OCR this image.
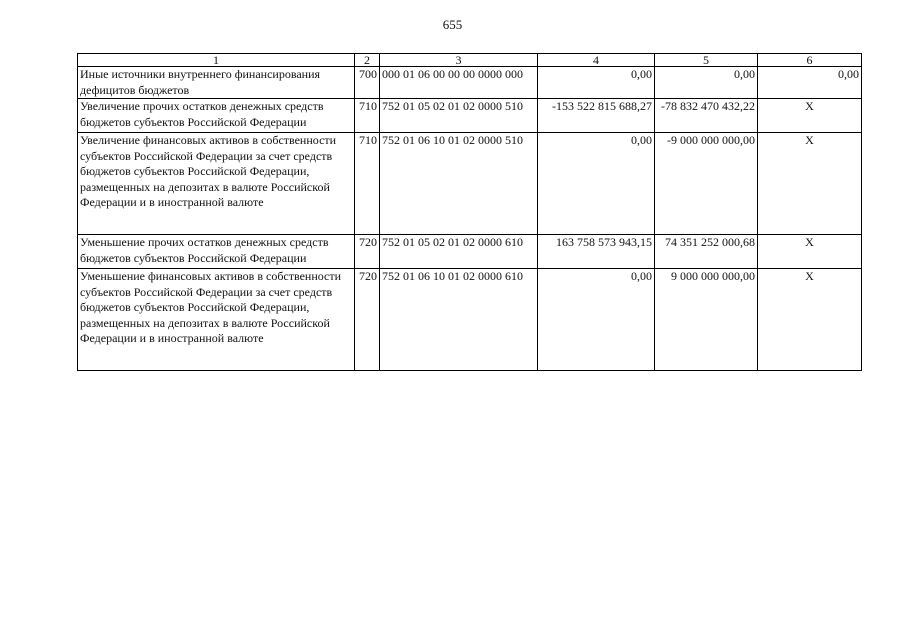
655
1	2	3	4	5	6
Иные источники внутреннего финансирования дефицитов бюджетов	700	000 01 06 00 00 00 0000 000	0,00	0,00	0,00
Увеличение прочих остатков денежных средств бюджетов субъектов Российской Федерации	710	752 01 05 02 01 02 0000 510	-153 522 815 688,27	-78 832 470 432,22	X
Увеличение финансовых активов в собственности субъектов Российской Федерации за счет средств бюджетов субъектов Российской Федерации, размещенных на депозитах в валюте Российской Федерации и в иностранной валюте	710	752 01 06 10 01 02 0000 510	0,00	-9 000 000 000,00	X
Уменьшение прочих остатков денежных средств бюджетов субъектов Российской Федерации	720	752 01 05 02 01 02 0000 610	163 758 573 943,15	74 351 252 000,68	X
Уменьшение финансовых активов в собственности субъектов Российской Федерации за счет средств бюджетов субъектов Российской Федерации, размещенных на депозитах в валюте Российской Федерации и в иностранной валюте	720	752 01 06 10 01 02 0000 610	0,00	9 000 000 000,00	X
